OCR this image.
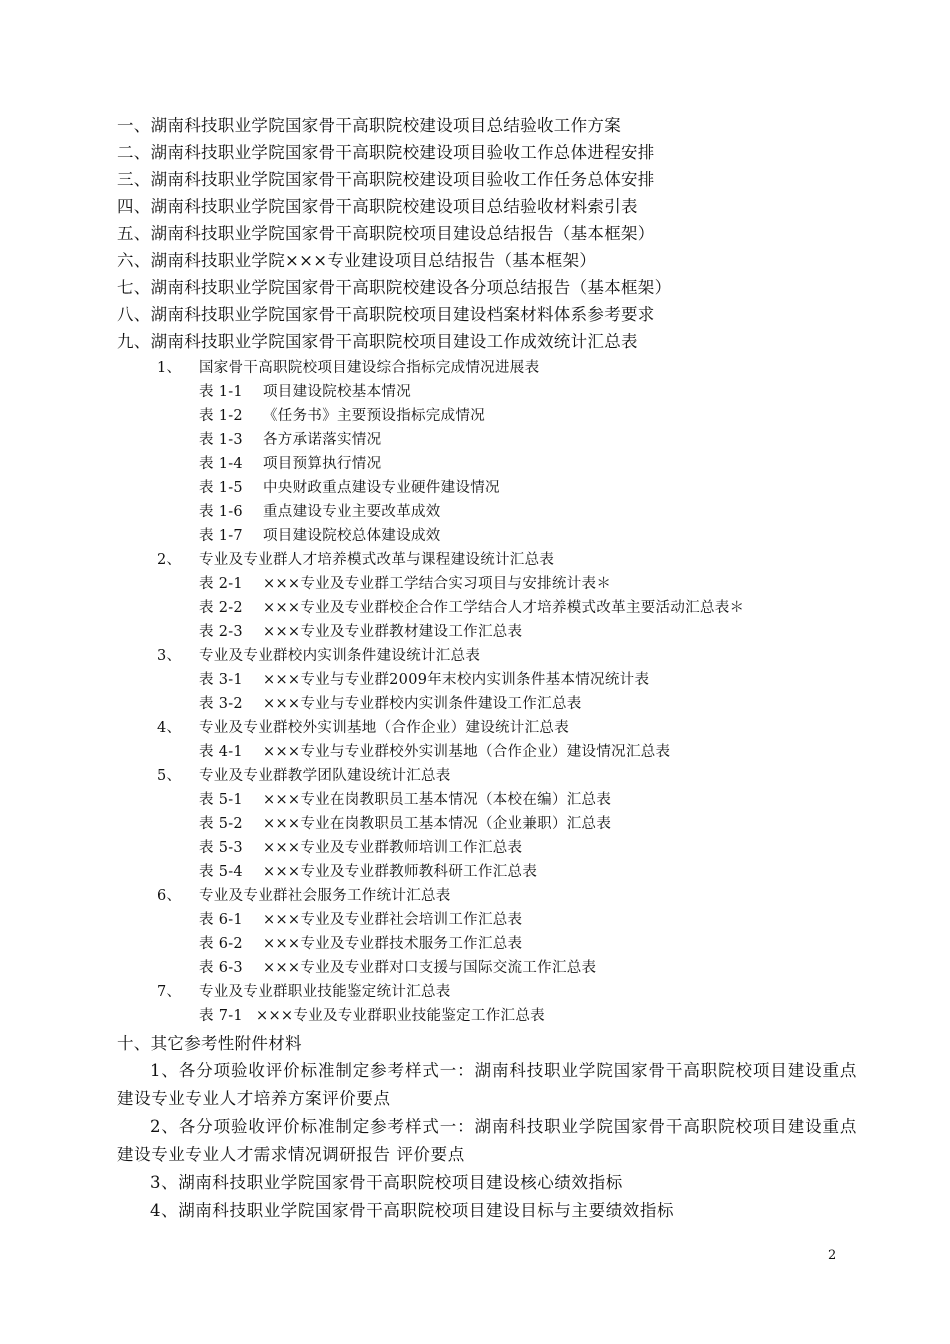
一、湖南科技职业学院国家骨干高职院校建设项目总结验收工作方案
二、湖南科技职业学院国家骨干高职院校建设项目验收工作总体进程安排
三、湖南科技职业学院国家骨干高职院校建设项目验收工作任务总体安排
四、湖南科技职业学院国家骨干高职院校建设项目总结验收材料索引表
五、湖南科技职业学院国家骨干高职院校项目建设总结报告（基本框架）
六、湖南科技职业学院×××专业建设项目总结报告（基本框架）
七、湖南科技职业学院国家骨干高职院校建设各分项总结报告（基本框架）
八、湖南科技职业学院国家骨干高职院校项目建设档案材料体系参考要求
九、湖南科技职业学院国家骨干高职院校项目建设工作成效统计汇总表
1、	国家骨干高职院校项目建设综合指标完成情况进展表
表 1-1 项目建设院校基本情况
表 1-2 《任务书》主要预设指标完成情况
表 1-3 各方承诺落实情况
表 1-4 项目预算执行情况
表 1-5 中央财政重点建设专业硬件建设情况
表 1-6 重点建设专业主要改革成效
表 1-7 项目建设院校总体建设成效
2、	专业及专业群人才培养模式改革与课程建设统计汇总表
表 2-1 ×××专业及专业群工学结合实习项目与安排统计表＊
表 2-2 ×××专业及专业群校企合作工学结合人才培养模式改革主要活动汇总表＊
表 2-3 ×××专业及专业群教材建设工作汇总表
3、	专业及专业群校内实训条件建设统计汇总表
表 3-1 ×××专业与专业群2009年末校内实训条件基本情况统计表
表 3-2 ×××专业与专业群校内实训条件建设工作汇总表
4、	专业及专业群校外实训基地（合作企业）建设统计汇总表
表 4-1 ×××专业与专业群校外实训基地（合作企业）建设情况汇总表
5、	专业及专业群教学团队建设统计汇总表
表 5-1 ×××专业在岗教职员工基本情况（本校在编）汇总表
表 5-2 ×××专业在岗教职员工基本情况（企业兼职）汇总表
表 5-3 ×××专业及专业群教师培训工作汇总表
表 5-4 ×××专业及专业群教师教科研工作汇总表
6、	专业及专业群社会服务工作统计汇总表
表 6-1 ×××专业及专业群社会培训工作汇总表
表 6-2 ×××专业及专业群技术服务工作汇总表
表 6-3 ×××专业及专业群对口支援与国际交流工作汇总表
7、	专业及专业群职业技能鉴定统计汇总表
表 7-1 ×××专业及专业群职业技能鉴定工作汇总表
十、其它参考性附件材料
1、各分项验收评价标准制定参考样式一：湖南科技职业学院国家骨干高职院校项目建设重点建设专业专业人才培养方案评价要点
2、各分项验收评价标准制定参考样式一：湖南科技职业学院国家骨干高职院校项目建设重点建设专业专业人才需求情况调研报告 评价要点
3、湖南科技职业学院国家骨干高职院校项目建设核心绩效指标
4、湖南科技职业学院国家骨干高职院校项目建设目标与主要绩效指标
2
